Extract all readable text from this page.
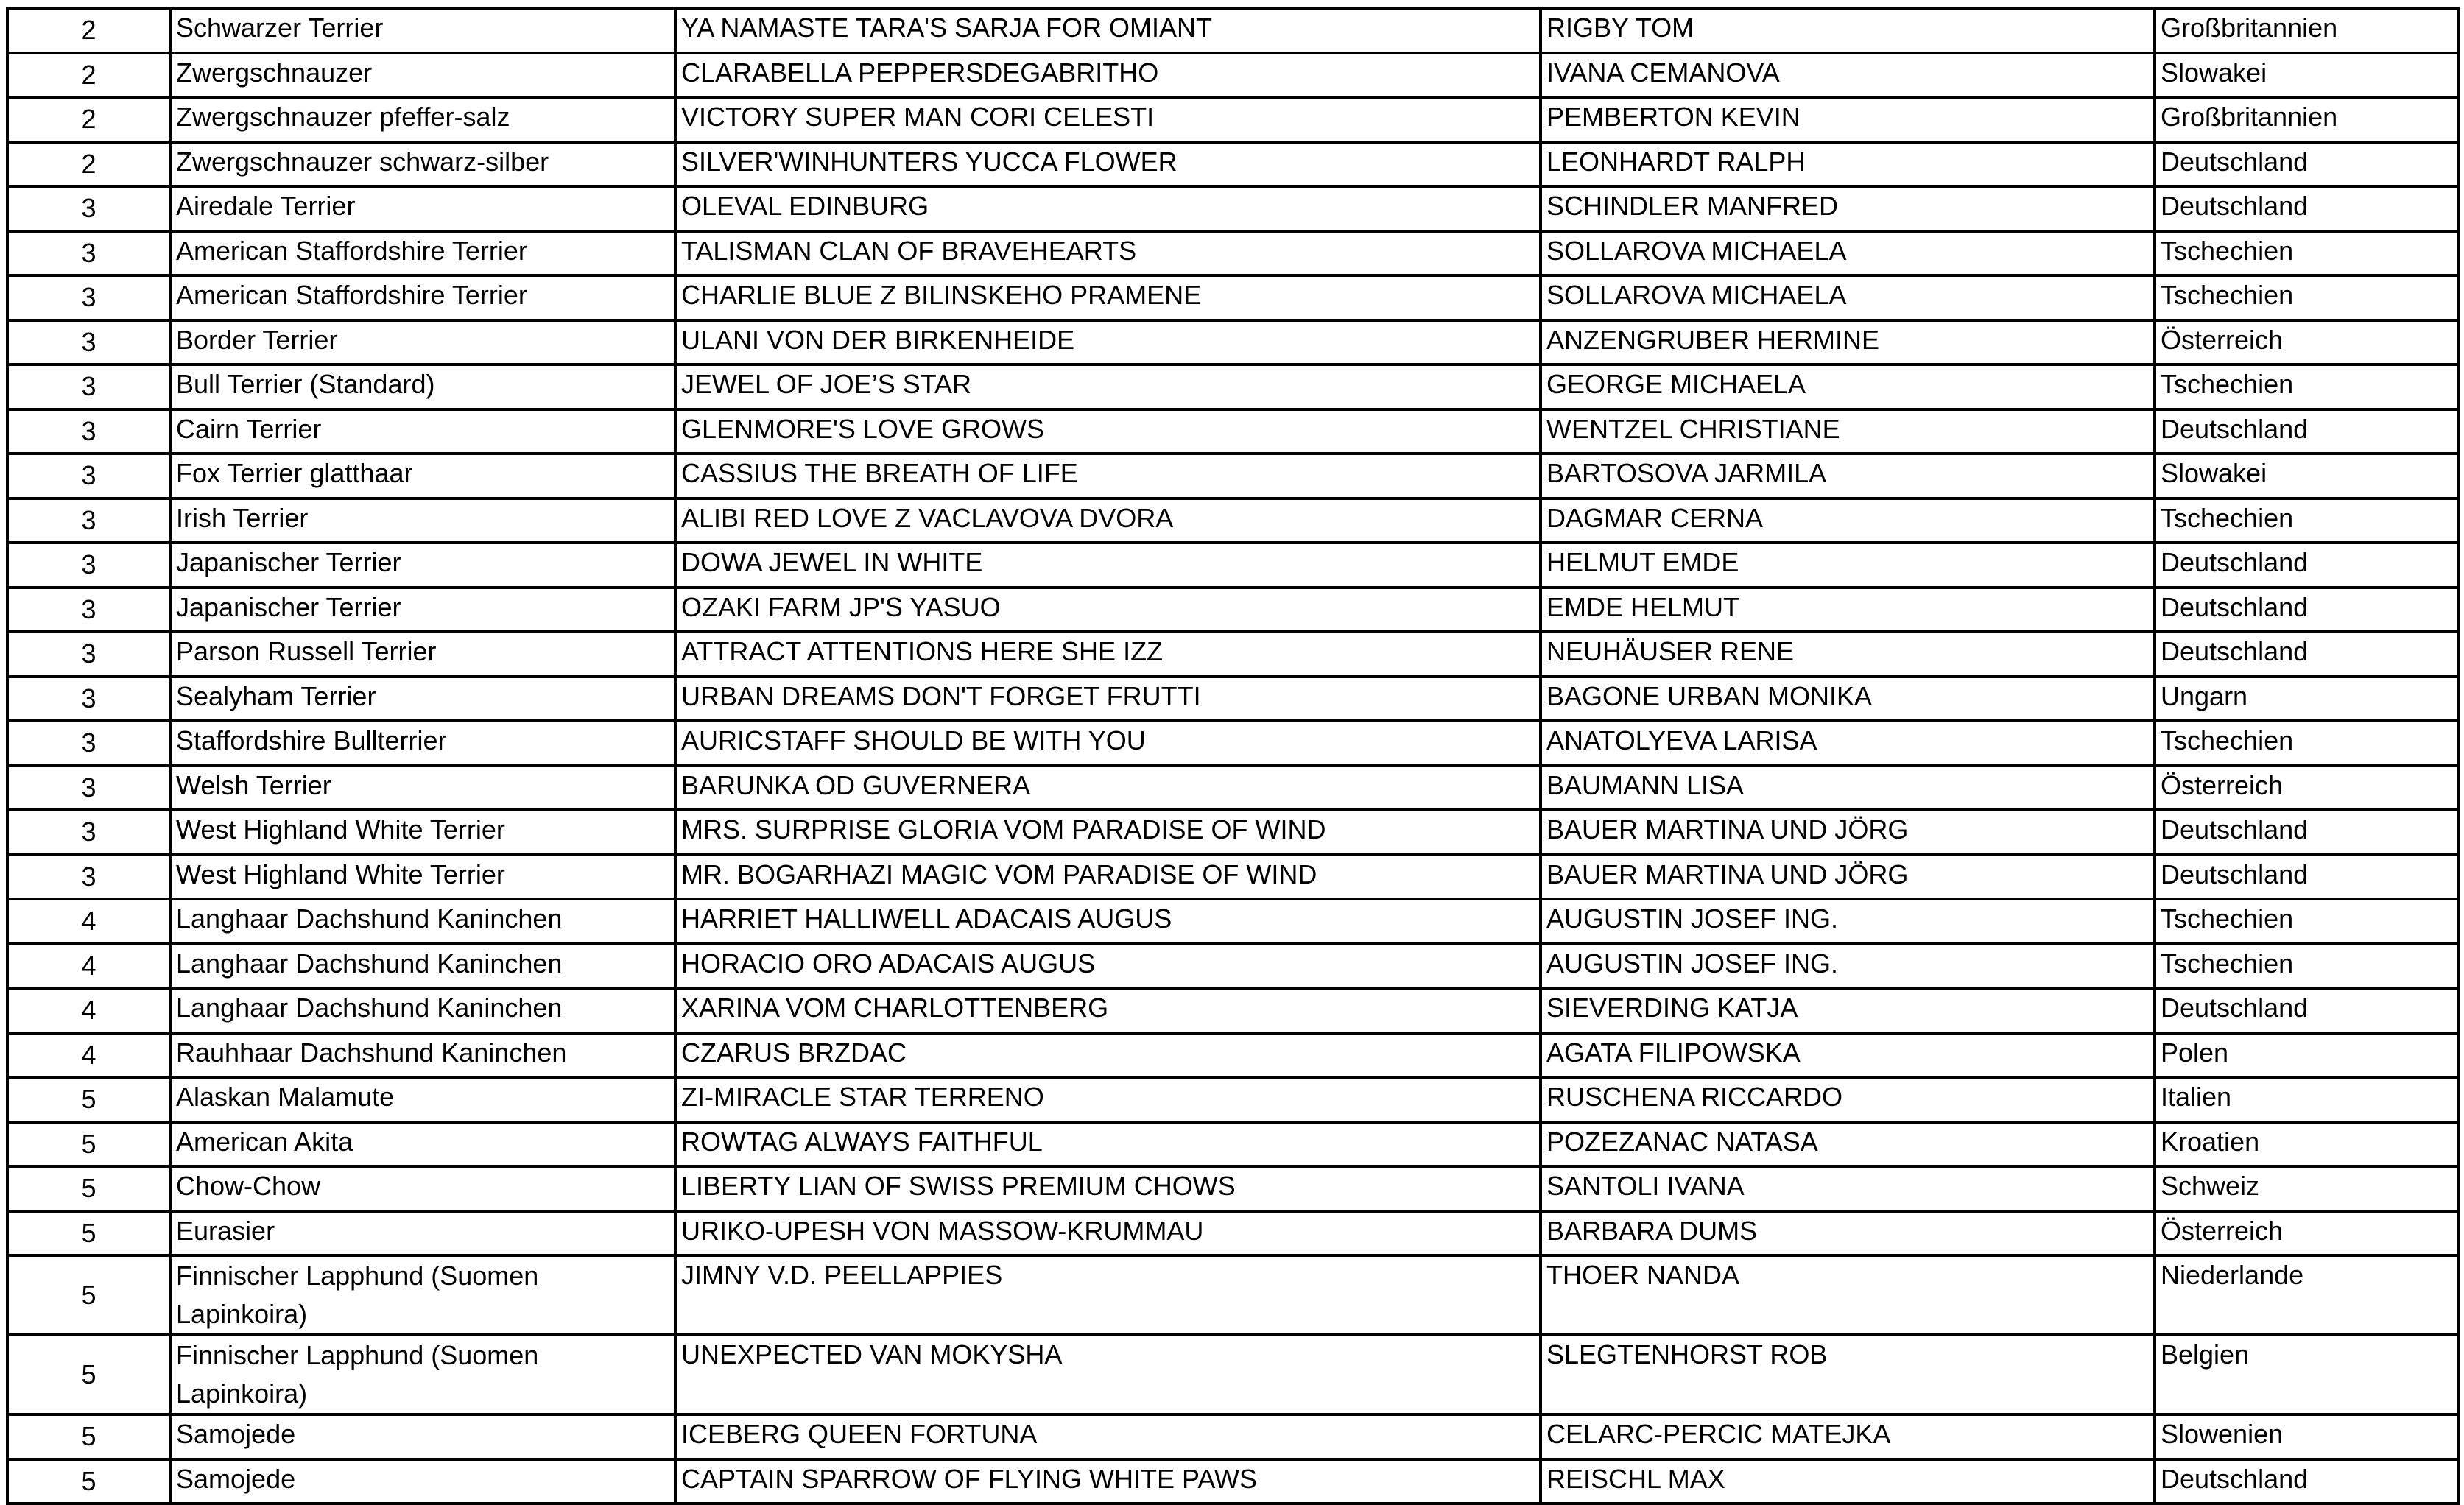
2	Schwarzer Terrier	YA NAMASTE TARA'S SARJA FOR OMIANT	RIGBY TOM	Großbritannien
2	Zwergschnauzer	CLARABELLA PEPPERSDEGABRITHO	IVANA CEMANOVA	Slowakei
2	Zwergschnauzer pfeffer-salz	VICTORY SUPER MAN CORI CELESTI	PEMBERTON KEVIN	Großbritannien
2	Zwergschnauzer schwarz-silber	SILVER'WINHUNTERS YUCCA FLOWER	LEONHARDT RALPH	Deutschland
3	Airedale Terrier	OLEVAL EDINBURG	SCHINDLER MANFRED	Deutschland
3	American Staffordshire Terrier	TALISMAN CLAN OF BRAVEHEARTS	SOLLAROVA MICHAELA	Tschechien
3	American Staffordshire Terrier	CHARLIE BLUE Z BILINSKEHO PRAMENE	SOLLAROVA MICHAELA	Tschechien
3	Border Terrier	ULANI VON DER BIRKENHEIDE	ANZENGRUBER HERMINE	Österreich
3	Bull Terrier (Standard)	JEWEL OF JOE’S STAR	GEORGE MICHAELA	Tschechien
3	Cairn Terrier	GLENMORE'S LOVE GROWS	WENTZEL CHRISTIANE	Deutschland
3	Fox Terrier glatthaar	CASSIUS THE BREATH OF LIFE	BARTOSOVA JARMILA	Slowakei
3	Irish Terrier	ALIBI RED LOVE Z VACLAVOVA DVORA	DAGMAR CERNA	Tschechien
3	Japanischer Terrier	DOWA JEWEL IN WHITE	HELMUT EMDE	Deutschland
3	Japanischer Terrier	OZAKI FARM JP'S YASUO	EMDE HELMUT	Deutschland
3	Parson Russell Terrier	ATTRACT ATTENTIONS HERE SHE IZZ	NEUHÄUSER RENE	Deutschland
3	Sealyham Terrier	URBAN DREAMS DON'T FORGET FRUTTI	BAGONE URBAN MONIKA	Ungarn
3	Staffordshire Bullterrier	AURICSTAFF SHOULD BE WITH YOU	ANATOLYEVA LARISA	Tschechien
3	Welsh Terrier	BARUNKA OD GUVERNERA	BAUMANN LISA	Österreich
3	West Highland White Terrier	MRS. SURPRISE GLORIA VOM PARADISE OF WIND	BAUER MARTINA UND JÖRG	Deutschland
3	West Highland White Terrier	MR. BOGARHAZI MAGIC VOM PARADISE OF WIND	BAUER MARTINA UND JÖRG	Deutschland
4	Langhaar Dachshund Kaninchen	HARRIET HALLIWELL ADACAIS AUGUS	AUGUSTIN JOSEF ING.	Tschechien
4	Langhaar Dachshund Kaninchen	HORACIO ORO ADACAIS AUGUS	AUGUSTIN JOSEF ING.	Tschechien
4	Langhaar Dachshund Kaninchen	XARINA VOM CHARLOTTENBERG	SIEVERDING KATJA	Deutschland
4	Rauhhaar Dachshund Kaninchen	CZARUS BRZDAC	AGATA FILIPOWSKA	Polen
5	Alaskan Malamute	ZI-MIRACLE STAR TERRENO	RUSCHENA RICCARDO	Italien
5	American Akita	ROWTAG ALWAYS FAITHFUL	POZEZANAC NATASA	Kroatien
5	Chow-Chow	LIBERTY LIAN OF SWISS PREMIUM CHOWS	SANTOLI IVANA	Schweiz
5	Eurasier	URIKO-UPESH VON MASSOW-KRUMMAU	BARBARA DUMS	Österreich
5	Finnischer Lapphund (Suomen Lapinkoira)	JIMNY V.D. PEELLAPPIES	THOER NANDA	Niederlande
5	Finnischer Lapphund (Suomen Lapinkoira)	UNEXPECTED VAN MOKYSHA	SLEGTENHORST ROB	Belgien
5	Samojede	ICEBERG QUEEN FORTUNA	CELARC-PERCIC MATEJKA	Slowenien
5	Samojede	CAPTAIN SPARROW OF FLYING WHITE PAWS	REISCHL MAX	Deutschland
